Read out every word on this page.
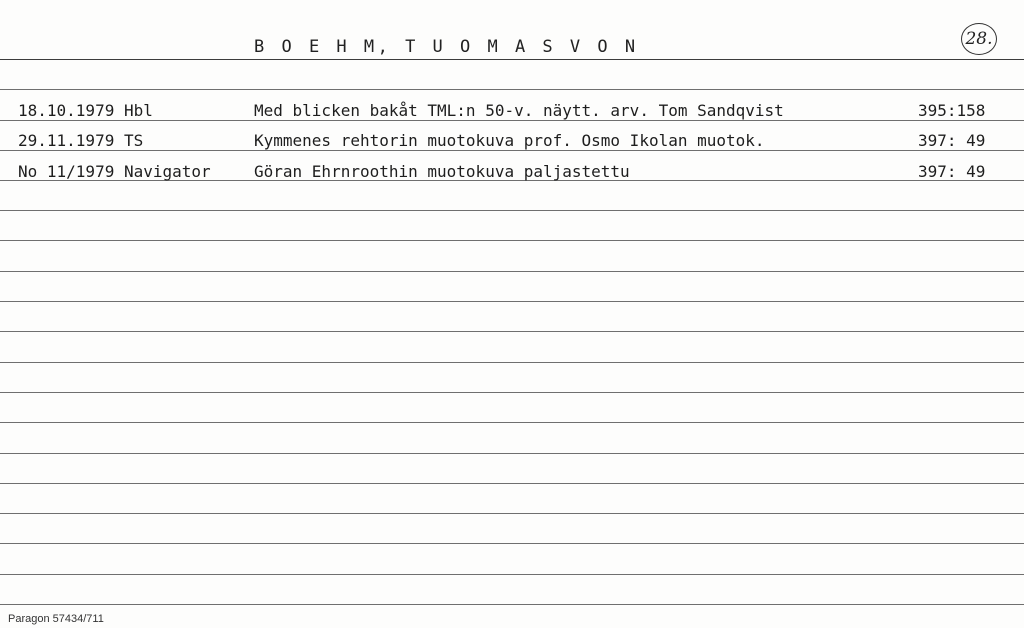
B O E H M, T U O M A S V O N	28.
18.10.1979 Hbl	Med blicken bakåt TML:n 50-v. näytt. arv. Tom Sandqvist	395:158
29.11.1979 TS	Kymmenes rehtorin muotokuva prof. Osmo Ikolan muotok.	397: 49
No 11/1979 Navigator	Göran Ehrnroothin muotokuva paljastettu	397: 49
Paragon 57434/711
